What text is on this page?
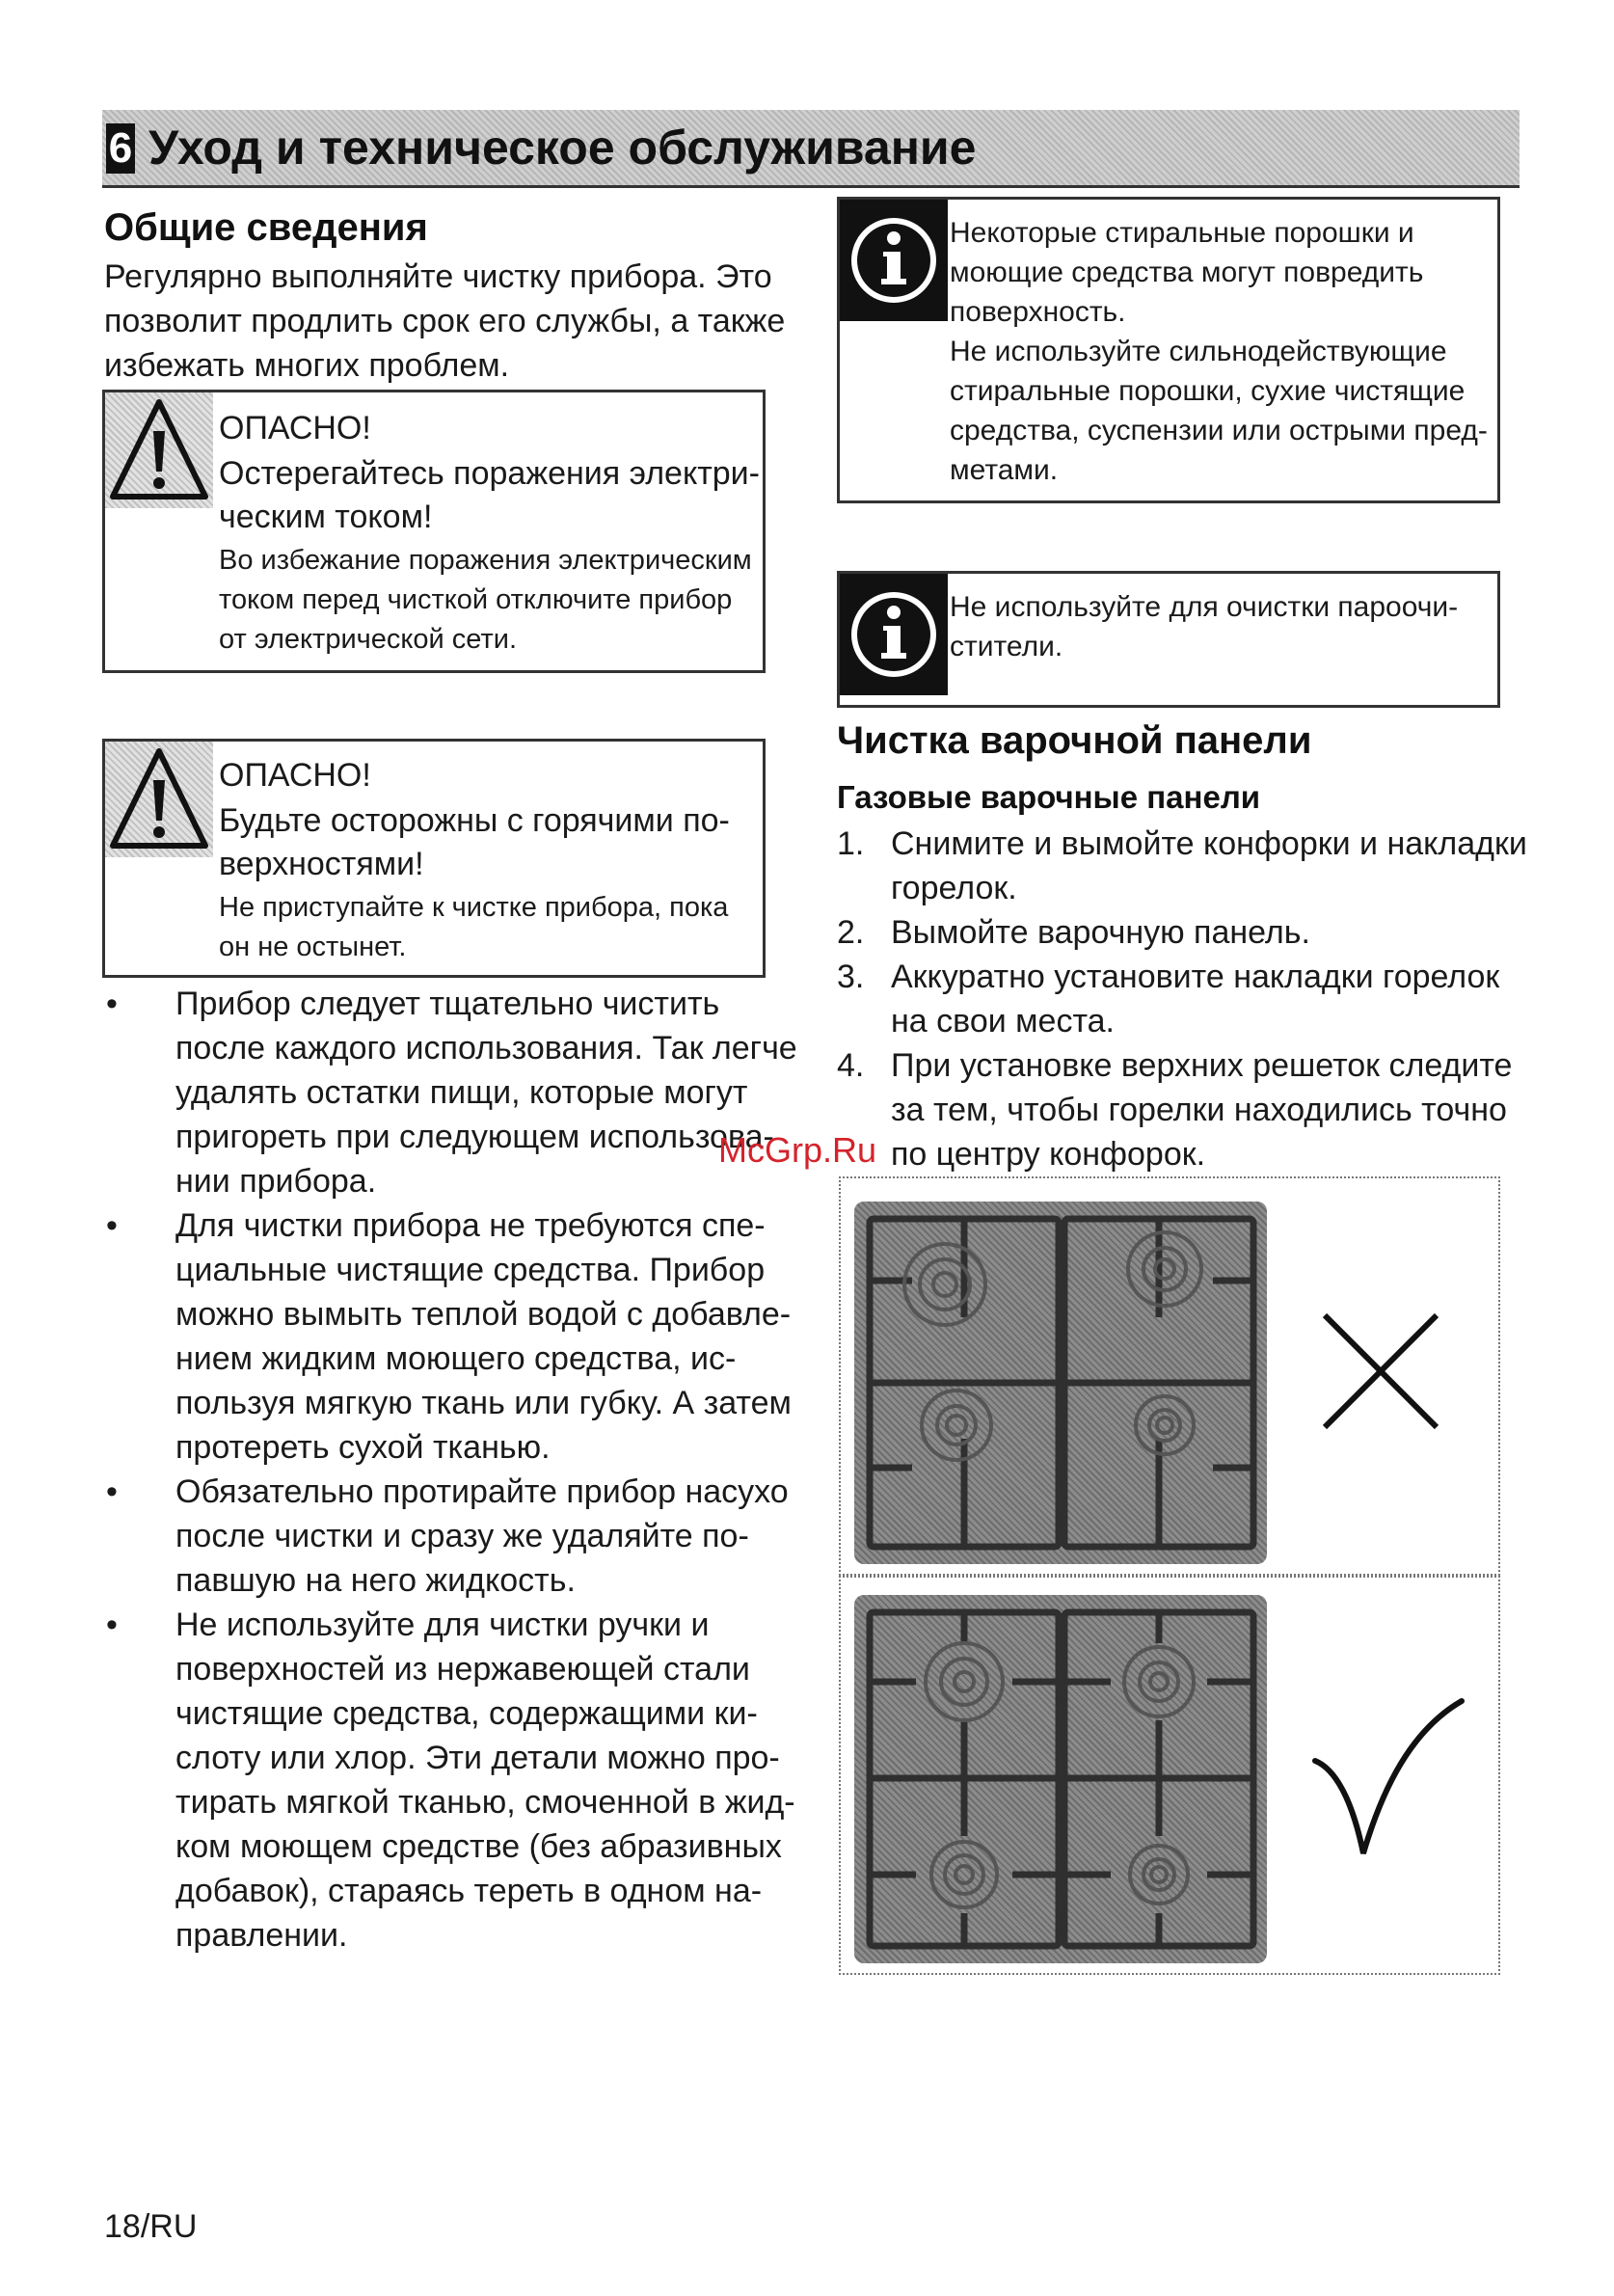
6 Уход и техническое обслуживание
Общие сведения
Регулярно выполняйте чистку прибора. Это
позволит продлить срок его службы, а также
избежать многих проблем.
ОПАСНО!
Остерегайтесь поражения электри-
ческим током!
Во избежание поражения электрическим
током перед чисткой отключите прибор
от электрической сети.
ОПАСНО!
Будьте осторожны с горячими по-
верхностями!
Не приступайте к чистке прибора, пока
он не остынет.
• Прибор следует тщательно чистить
после каждого использования. Так легче
удалять остатки пищи, которые могут
пригореть при следующем использова-
нии прибора.
• Для чистки прибора не требуются спе-
циальные чистящие средства. Прибор
можно вымыть теплой водой с добавле-
нием жидким моющего средства, ис-
пользуя мягкую ткань или губку. А затем
протереть сухой тканью.
• Обязательно протирайте прибор насухо
после чистки и сразу же удаляйте по-
павшую на него жидкость.
• Не используйте для чистки ручки и
поверхностей из нержавеющей стали
чистящие средства, содержащими ки-
слоту или хлор. Эти детали можно про-
тирать мягкой тканью, смоченной в жид-
ком моющем средстве (без абразивных
добавок), стараясь тереть в одном на-
правлении.
Некоторые стиральные порошки и
моющие средства могут повредить
поверхность.
Не используйте сильнодействующие
стиральные порошки, сухие чистящие
средства, суспензии или острыми пред-
метами.
Не используйте для очистки пароочи-
стители.
Чистка варочной панели
Газовые варочные панели
1. Снимите и вымойте конфорки и накладки
горелок.
2. Вымойте варочную панель.
3. Аккуратно установите накладки горелок
на свои места.
4. При установке верхних решеток следите
за тем, чтобы горелки находились точно
по центру конфорок.
McGrp.Ru
18/RU
